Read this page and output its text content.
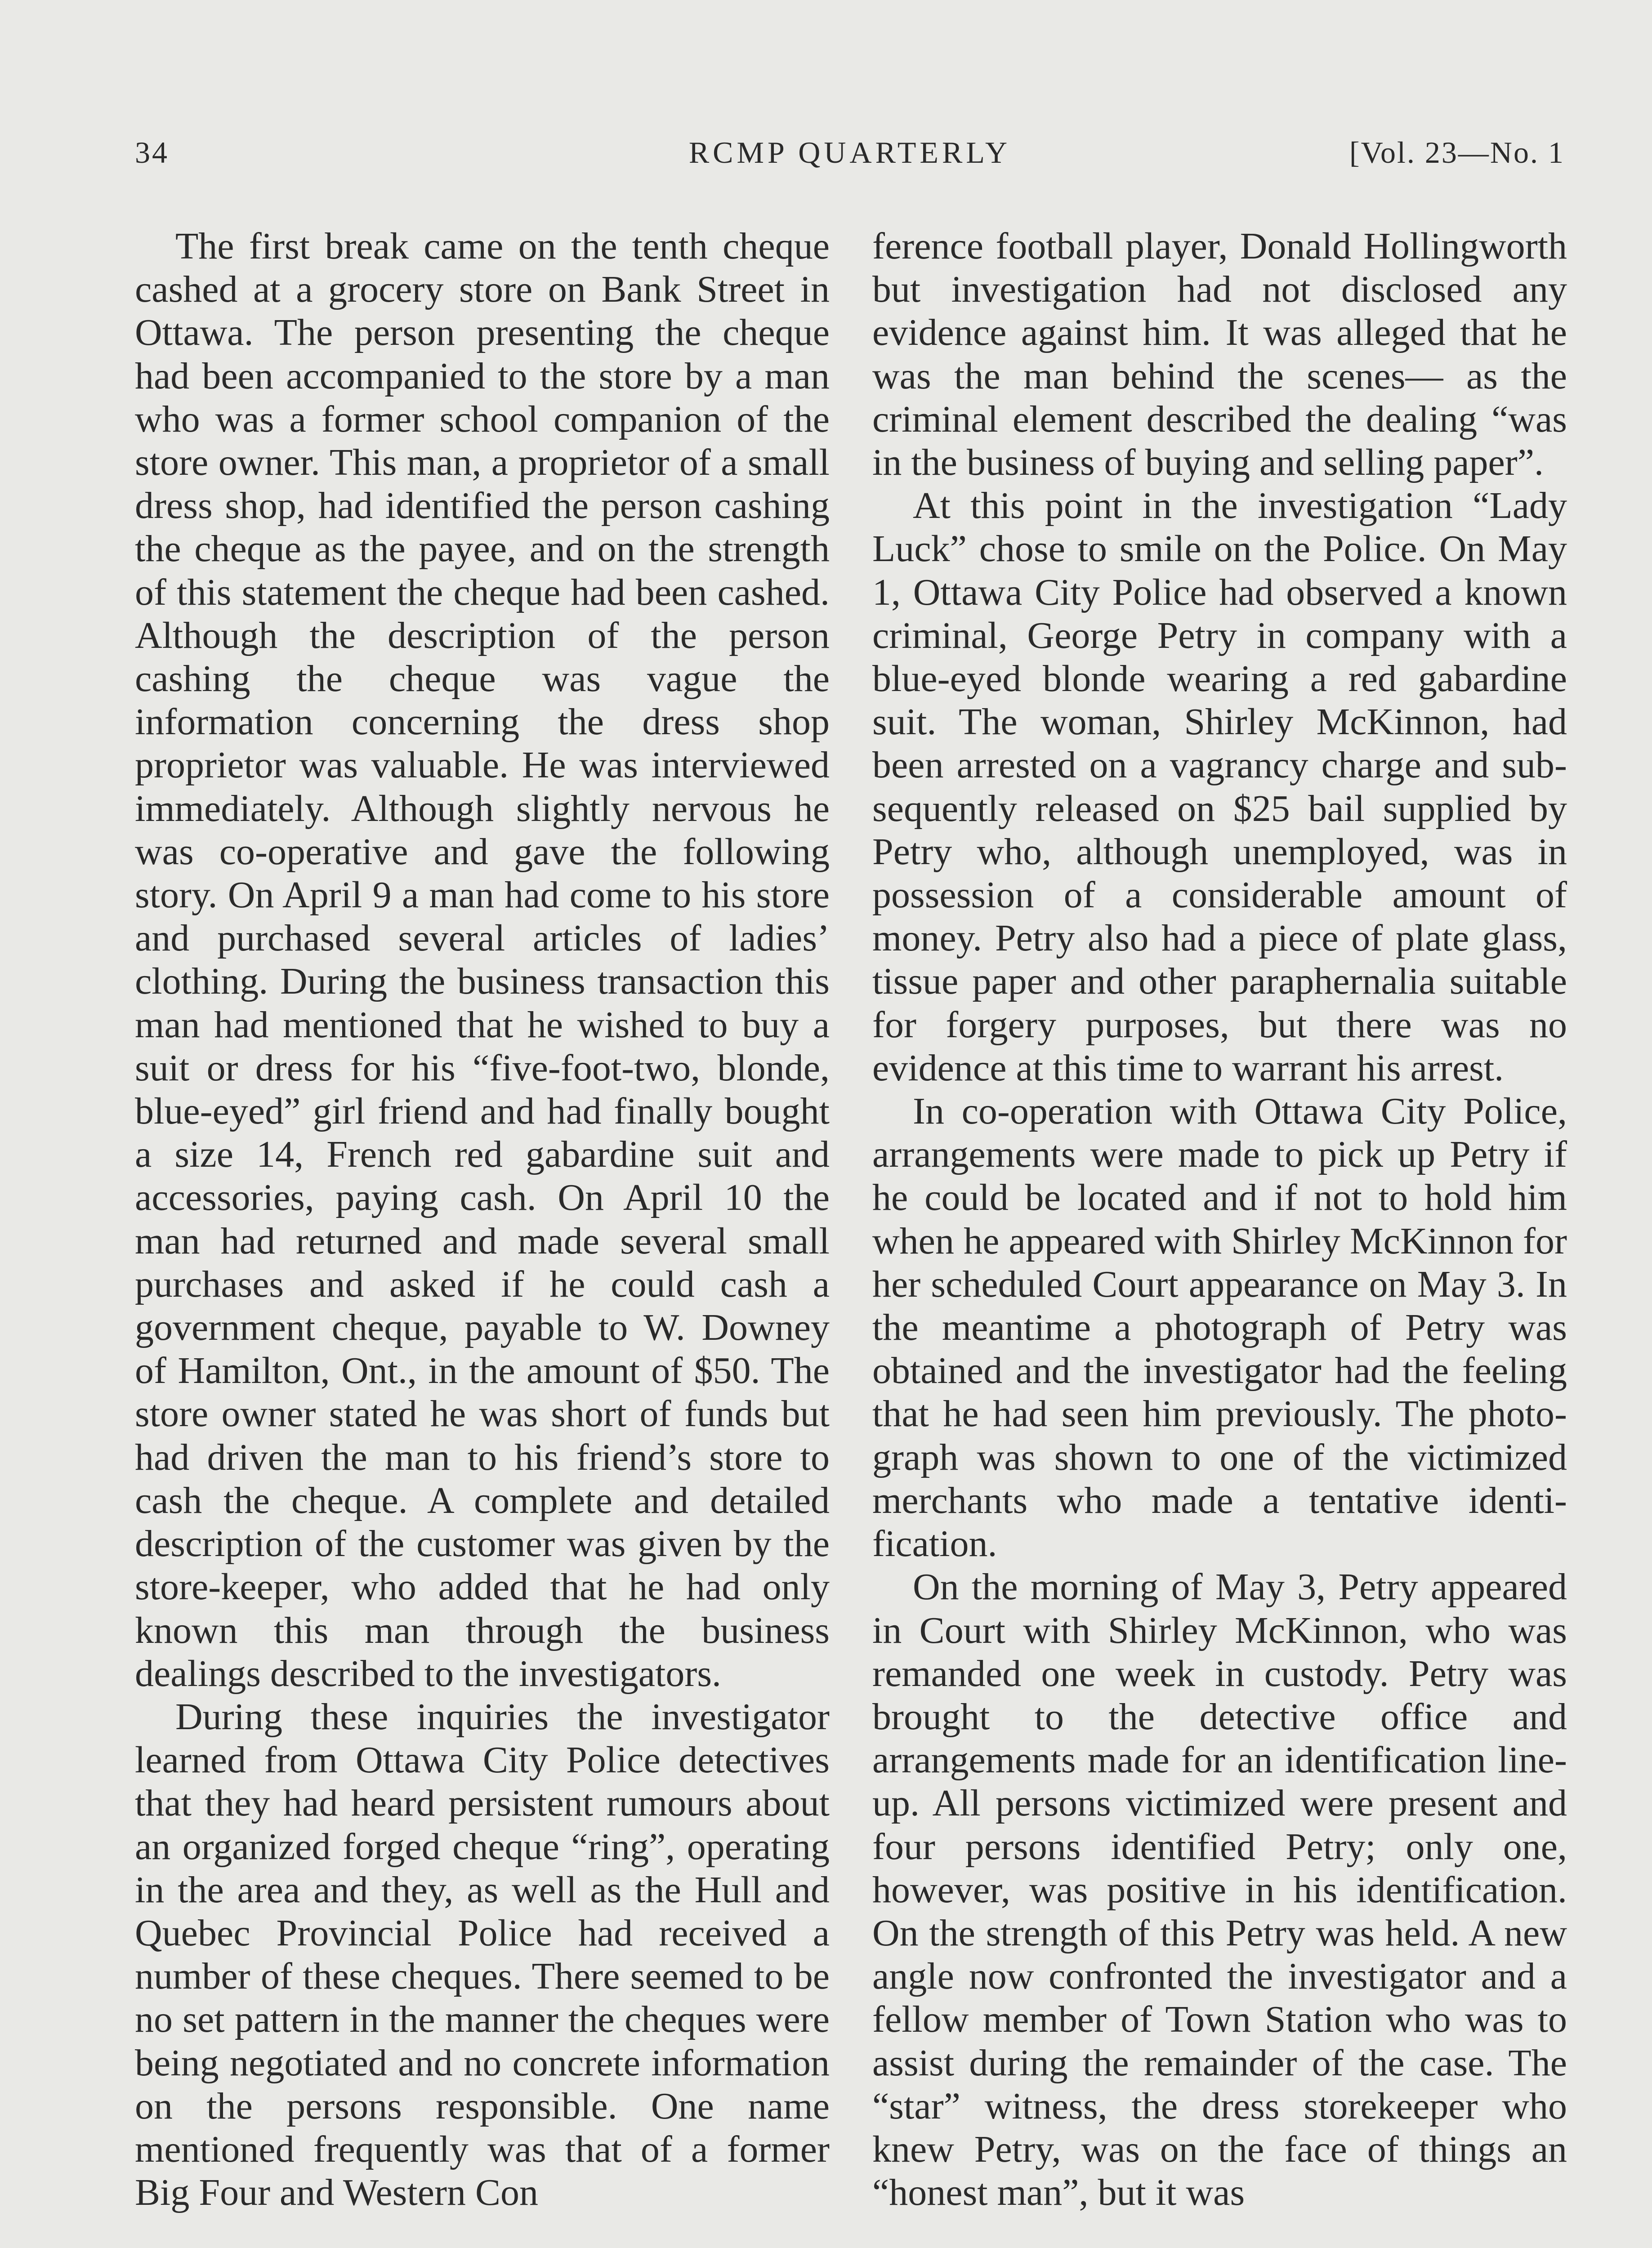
34	RCMP QUARTERLY	[Vol. 23—No. 1

The first break came on the tenth cheque cashed at a grocery store on Bank Street in Ottawa. The person presenting the cheque had been accompanied to the store by a man who was a former school companion of the store owner. This man, a proprietor of a small dress shop, had identified the person cashing the cheque as the payee, and on the strength of this statement the cheque had been cashed. Although the description of the person cashing the cheque was vague the information concerning the dress shop proprietor was valuable. He was interviewed immediately. Although slightly nervous he was co-operative and gave the following story. On April 9 a man had come to his store and purchased several articles of ladies’ clothing. During the business transaction this man had mentioned that he wished to buy a suit or dress for his “five-foot-two, blonde, blue-eyed” girl friend and had finally bought a size 14, French red gabardine suit and accessories, paying cash. On April 10 the man had returned and made several small purchases and asked if he could cash a government cheque, payable to W. Downey of Hamilton, Ont., in the amount of $50. The store owner stated he was short of funds but had driven the man to his friend’s store to cash the cheque. A complete and detailed description of the customer was given by the store-keeper, who added that he had only known this man through the business dealings described to the investigators.

During these inquiries the investigator learned from Ottawa City Police detectives that they had heard persistent rumours about an organized forged cheque “ring”, operating in the area and they, as well as the Hull and Quebec Provincial Police had received a number of these cheques. There seemed to be no set pattern in the manner the cheques were being negotiated and no concrete information on the persons responsible. One name mentioned frequently was that of a former Big Four and Western Con

ference football player, Donald Hollingworth but investigation had not disclosed any evidence against him. It was alleged that he was the man behind the scenes— as the criminal element described the dealing “was in the business of buying and selling paper”.

At this point in the investigation “Lady Luck” chose to smile on the Police. On May 1, Ottawa City Police had observed a known criminal, George Petry in company with a blue-eyed blonde wearing a red gabardine suit. The woman, Shirley McKinnon, had been arrested on a vagrancy charge and subsequently released on $25 bail supplied by Petry who, although unemployed, was in possession of a considerable amount of money. Petry also had a piece of plate glass, tissue paper and other paraphernalia suitable for forgery purposes, but there was no evidence at this time to warrant his arrest.

In co-operation with Ottawa City Police, arrangements were made to pick up Petry if he could be located and if not to hold him when he appeared with Shirley McKinnon for her scheduled Court appearance on May 3. In the meantime a photograph of Petry was obtained and the investigator had the feeling that he had seen him previously. The photograph was shown to one of the victimized merchants who made a tentative identification.

On the morning of May 3, Petry appeared in Court with Shirley McKinnon, who was remanded one week in custody. Petry was brought to the detective office and arrangements made for an identification line-up. All persons victimized were present and four persons identified Petry; only one, however, was positive in his identification. On the strength of this Petry was held. A new angle now confronted the investigator and a fellow member of Town Station who was to assist during the remainder of the case. The “star” witness, the dress storekeeper who knew Petry, was on the face of things an “honest man”, but it was
